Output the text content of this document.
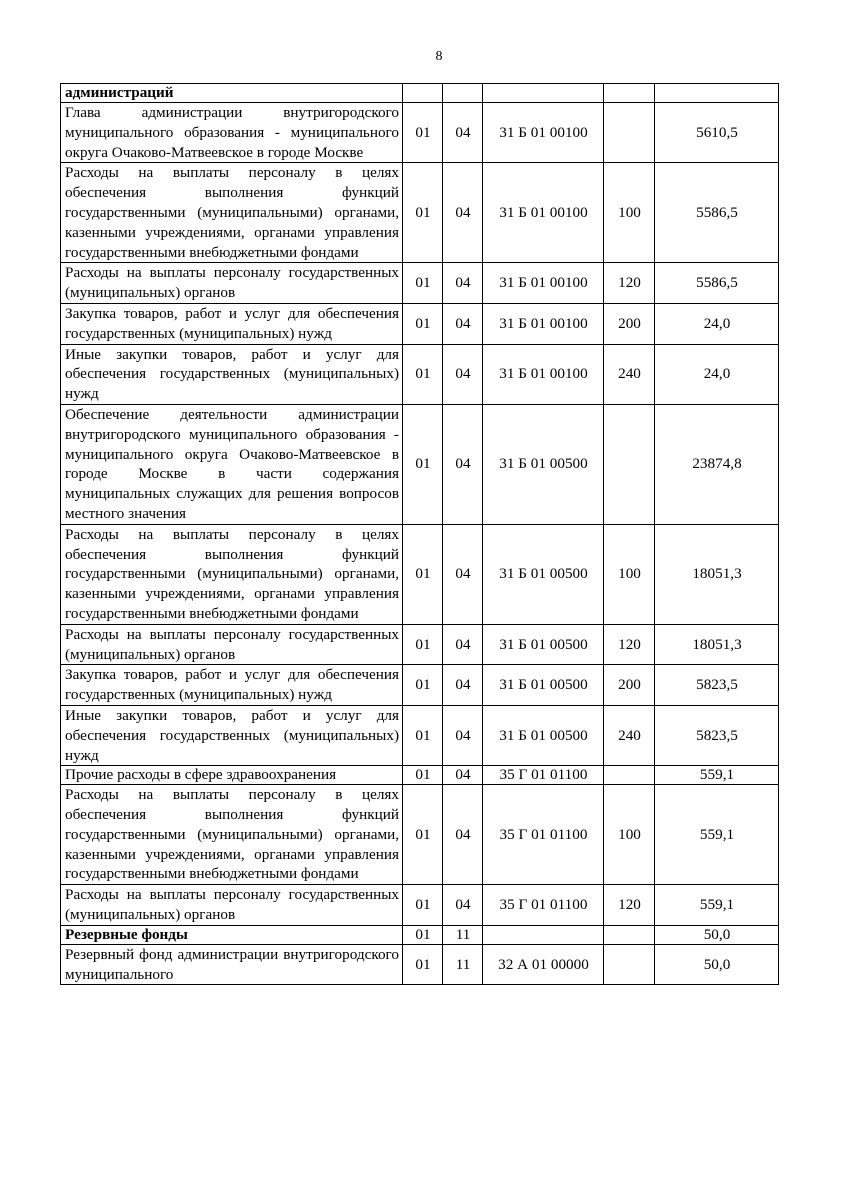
8
администраций					
Глава администрации внутригородского муниципального образования - муниципального округа Очаково-Матвеевское в городе Москве	01	04	31 Б 01 00100		5610,5
Расходы на выплаты персоналу в целях обеспечения выполнения функций государственными (муниципальными) органами, казенными учреждениями, органами управления государственными внебюджетными фондами	01	04	31 Б 01 00100	100	5586,5
Расходы на выплаты персоналу государственных (муниципальных) органов	01	04	31 Б 01 00100	120	5586,5
Закупка товаров, работ и услуг для обеспечения государственных (муниципальных) нужд	01	04	31 Б 01 00100	200	24,0
Иные закупки товаров, работ и услуг для обеспечения государственных (муниципальных) нужд	01	04	31 Б 01 00100	240	24,0
Обеспечение деятельности администрации внутригородского муниципального образования - муниципального округа Очаково-Матвеевское в городе Москве в части содержания муниципальных служащих для решения вопросов местного значения	01	04	31 Б 01 00500		23874,8
Расходы на выплаты персоналу в целях обеспечения выполнения функций государственными (муниципальными) органами, казенными учреждениями, органами управления государственными внебюджетными фондами	01	04	31 Б 01 00500	100	18051,3
Расходы на выплаты персоналу государственных (муниципальных) органов	01	04	31 Б 01 00500	120	18051,3
Закупка товаров, работ и услуг для обеспечения государственных (муниципальных) нужд	01	04	31 Б 01 00500	200	5823,5
Иные закупки товаров, работ и услуг для обеспечения государственных (муниципальных) нужд	01	04	31 Б 01 00500	240	5823,5
Прочие расходы в сфере здравоохранения	01	04	35 Г 01 01100		559,1
Расходы на выплаты персоналу в целях обеспечения выполнения функций государственными (муниципальными) органами, казенными учреждениями, органами управления государственными внебюджетными фондами	01	04	35 Г 01 01100	100	559,1
Расходы на выплаты персоналу государственных (муниципальных) органов	01	04	35 Г 01 01100	120	559,1
Резервные фонды	01	11			50,0
Резервный фонд администрации внутригородского муниципального	01	11	32 А 01 00000		50,0
